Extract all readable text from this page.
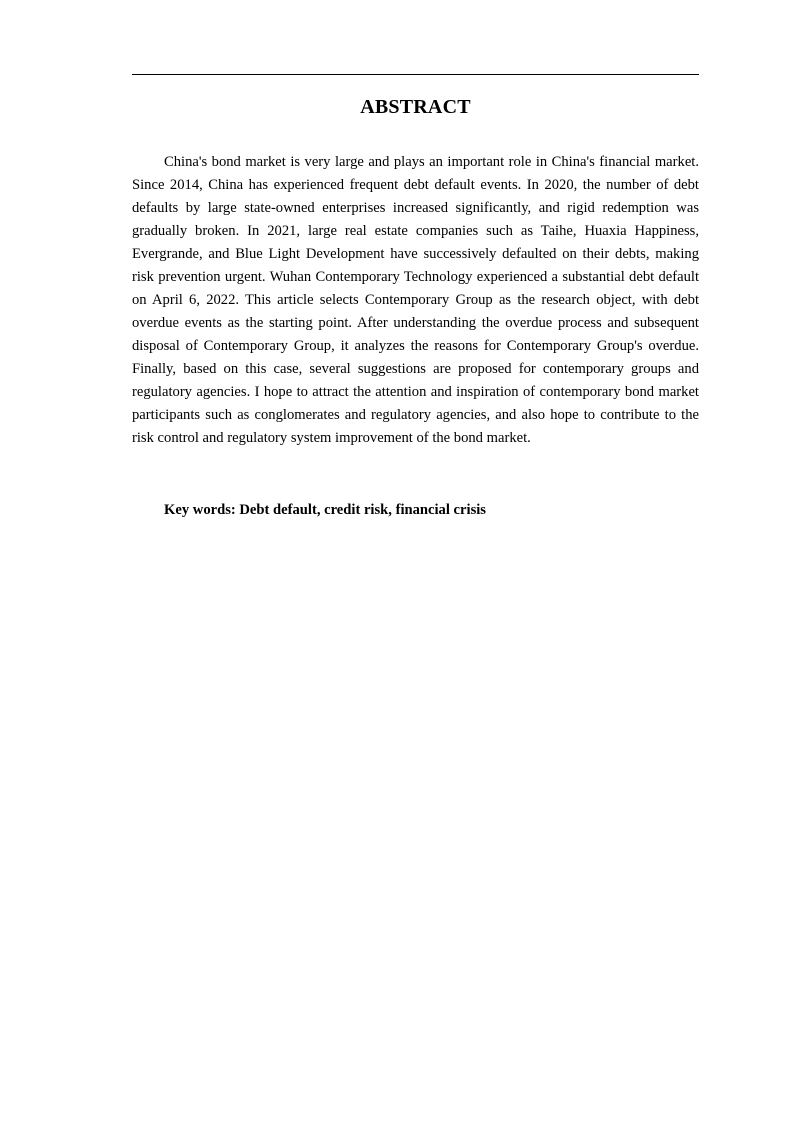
ABSTRACT

China's bond market is very large and plays an important role in China's financial market. Since 2014, China has experienced frequent debt default events. In 2020, the number of debt defaults by large state-owned enterprises increased significantly, and rigid redemption was gradually broken. In 2021, large real estate companies such as Taihe, Huaxia Happiness, Evergrande, and Blue Light Development have successively defaulted on their debts, making risk prevention urgent. Wuhan Contemporary Technology experienced a substantial debt default on April 6, 2022. This article selects Contemporary Group as the research object, with debt overdue events as the starting point. After understanding the overdue process and subsequent disposal of Contemporary Group, it analyzes the reasons for Contemporary Group's overdue. Finally, based on this case, several suggestions are proposed for contemporary groups and regulatory agencies. I hope to attract the attention and inspiration of contemporary bond market participants such as conglomerates and regulatory agencies, and also hope to contribute to the risk control and regulatory system improvement of the bond market.

Key words: Debt default, credit risk, financial crisis
